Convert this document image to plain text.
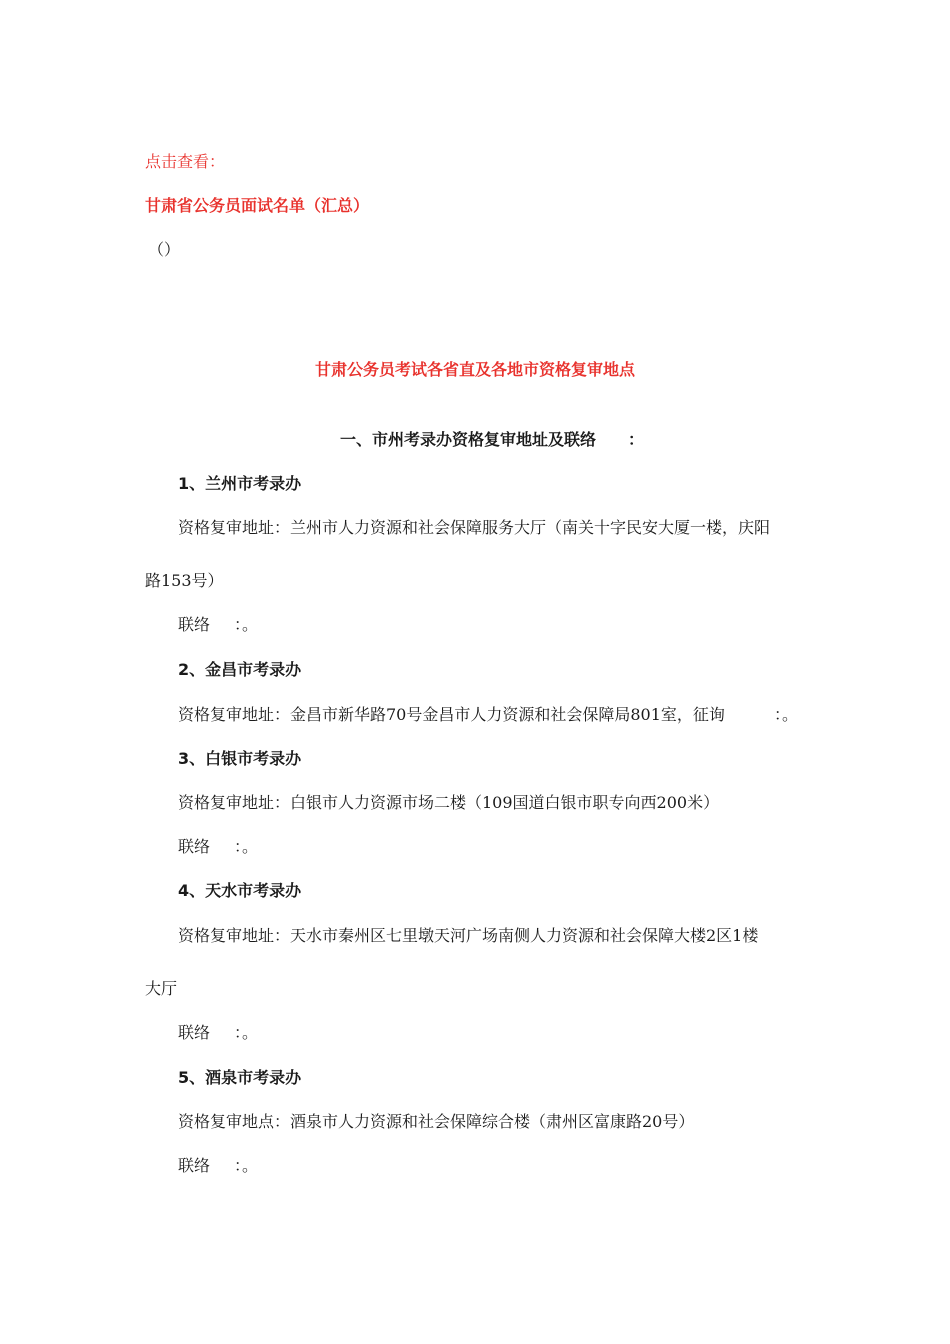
点击查看：
甘肃省公务员面试名单（汇总）
（）
甘肃公务员考试各省直及各地市资格复审地点
一、市州考录办资格复审地址及联络 ：
1、兰州市考录办
资格复审地址：兰州市人力资源和社会保障服务大厅（南关十字民安大厦一楼，庆阳
路153号）
联络 ：。
2、金昌市考录办
资格复审地址：金昌市新华路70号金昌市人力资源和社会保障局801室，征询	：。
3、白银市考录办
资格复审地址：白银市人力资源市场二楼（109国道白银市职专向西200米）
联络 ：。
4、天水市考录办
资格复审地址：天水市秦州区七里墩天河广场南侧人力资源和社会保障大楼2区1楼
大厅
联络 ：。
5、酒泉市考录办
资格复审地点：酒泉市人力资源和社会保障综合楼（肃州区富康路20号）
联络 ：。
